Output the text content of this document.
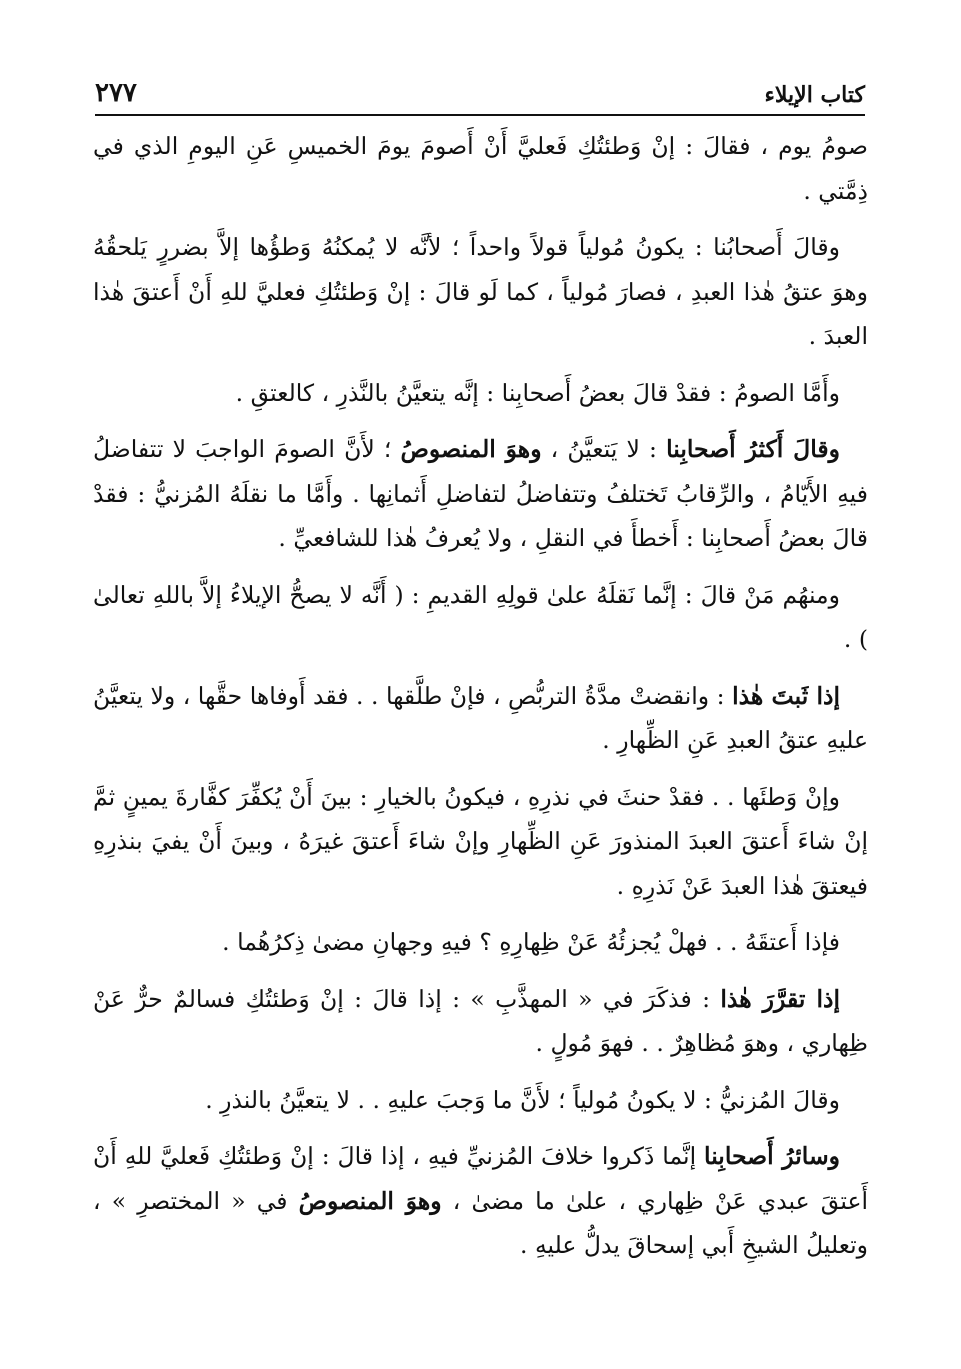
كتاب الإيلاء
٢٧٧

صومُ يوم ، فقالَ : إنْ وَطئتُكِ فَعليَّ أَنْ أَصومَ يومَ الخميسِ عَنِ اليومِ الذي في ذِمَّتي .

وقالَ أَصحابُنا : يكونُ مُولياً قولاً واحداً ؛ لأنَّه لا يُمكنُهُ وَطؤُها إلاَّ بضررٍ يَلحقُهُ وهوَ عتقُ هٰذا العبدِ ، فصارَ مُولياً ، كما لَو قالَ : إنْ وَطئتُكِ فعليَّ للهِ أَنْ أَعتقَ هٰذا العبدَ .

وأَمَّا الصومُ : فقدْ قالَ بعضُ أَصحابِنا : إنَّه يتعيَّنُ بالنَّذرِ ، كالعتقِ .

وقالَ أَكثرُ أَصحابِنا : لا يَتعيَّنُ ، وهوَ المنصوصُ ؛ لأَنَّ الصومَ الواجبَ لا تتفاضلُ فيهِ الأَيّامُ ، والرِّقابُ تَختلفُ وتتفاضلُ لتفاضلِ أَثمانِها . وأَمَّا ما نقلَهُ المُزنيُّ : فقدْ قالَ بعضُ أَصحابِنا : أَخطأَ في النقلِ ، ولا يُعرفُ هٰذا للشافعيِّ .

ومنهُم مَنْ قالَ : إنَّما نَقلَهُ علىٰ قولِهِ القديمِ : ( أَنَّه لا يصحُّ الإيلاءُ إلاَّ باللهِ تعالىٰ ) .

إذا ثَبتَ هٰذا : وانقضتْ مدَّةُ التربُّصِ ، فإنْ طلَّقها . . فقد أَوفاها حقَّها ، ولا يتعيَّنُ عليهِ عتقُ العبدِ عَنِ الظِّهارِ .

وإنْ وَطئَها . . فقدْ حنثَ في نذرِهِ ، فيكونُ بالخيارِ : بينَ أَنْ يُكفِّرَ كفَّارةَ يمينٍ ثمَّ إنْ شاءَ أَعتقَ العبدَ المنذورَ عَنِ الظِّهارِ وإنْ شاءَ أَعتقَ غيرَهُ ، وبينَ أَنْ يفيَ بنذرِهِ فيعتقَ هٰذا العبدَ عَنْ نَذرِهِ .

فإذا أَعتقَهُ . . فهلْ يُجزئُهُ عَنْ ظِهارِهِ ؟ فيهِ وجهانِ مضىٰ ذِكرُهُما .

إذا تقرَّرَ هٰذا : فذكَرَ في « المهذَّبِ » : إذا قالَ : إنْ وَطئتُكِ فسالمٌ حرٌّ عَنْ ظِهاري ، وهوَ مُظاهِرٌ . . فهوَ مُولٍ .

وقالَ المُزنيُّ : لا يكونُ مُولياً ؛ لأَنَّ ما وَجبَ عليهِ . . لا يتعيَّنُ بالنذرِ .

وسائرُ أَصحابِنا إنَّما ذَكروا خلافَ المُزنيِّ فيهِ ، إذا قالَ : إنْ وَطئتُكِ فَعليَّ للهِ أَنْ أَعتقَ عبدي عَنْ ظِهاري ، علىٰ ما مضىٰ ، وهوَ المنصوصُ في « المختصرِ » ، وتعليلُ الشيخِ أَبي إسحاقَ يدلُّ عليهِ .
